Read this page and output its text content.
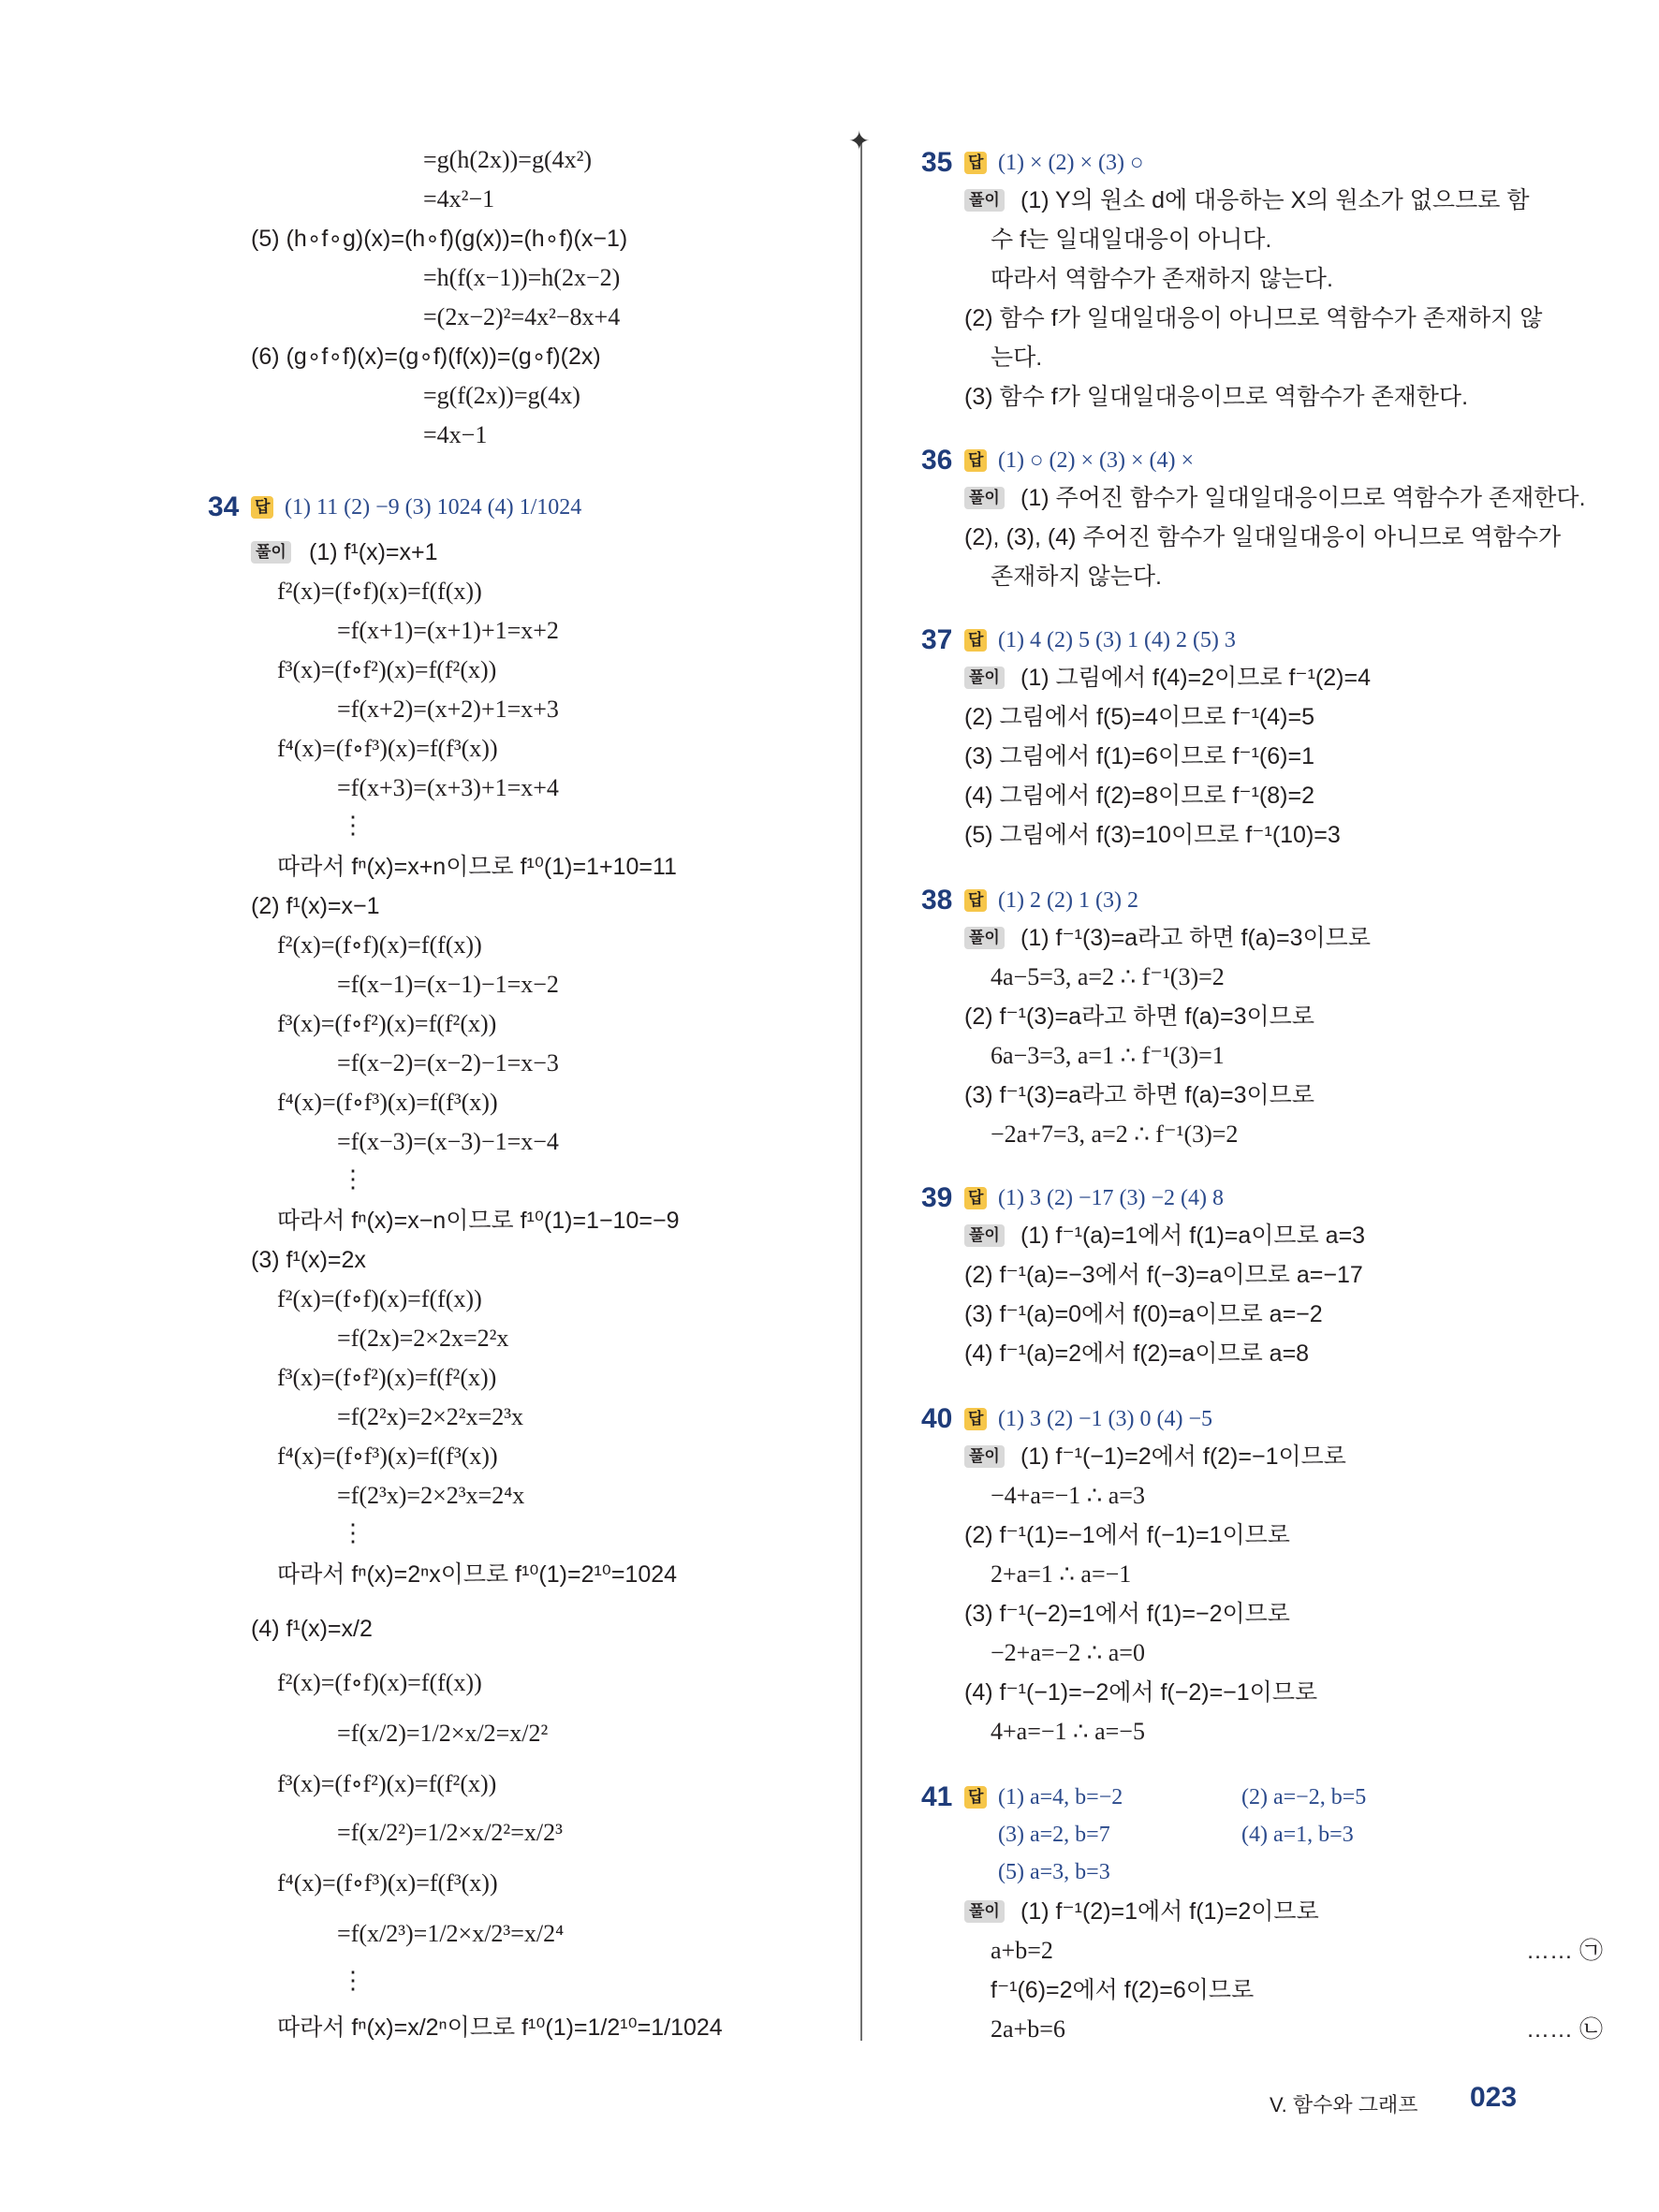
=g(h(2x))=g(4x²)
=4x²−1
(5) (h∘f∘g)(x)=(h∘f)(g(x))=(h∘f)(x−1)
=h(f(x−1))=h(2x−2)
=(2x−2)²=4x²−8x+4
(6) (g∘f∘f)(x)=(g∘f)(f(x))=(g∘f)(2x)
=g(f(2x))=g(4x)
=4x−1
34 답 (1) 11 (2) −9 (3) 1024 (4) 1/1024
풀이 (1) f¹(x)=x+1
f²(x)=(f∘f)(x)=f(f(x))
=f(x+1)=(x+1)+1=x+2
f³(x)=(f∘f²)(x)=f(f²(x))
=f(x+2)=(x+2)+1=x+3
f⁴(x)=(f∘f³)(x)=f(f³(x))
=f(x+3)=(x+3)+1=x+4
⋮
따라서 fⁿ(x)=x+n이므로 f¹⁰(1)=1+10=11
(2) f¹(x)=x−1
f²(x)=(f∘f)(x)=f(f(x))
=f(x−1)=(x−1)−1=x−2
f³(x)=(f∘f²)(x)=f(f²(x))
=f(x−2)=(x−2)−1=x−3
f⁴(x)=(f∘f³)(x)=f(f³(x))
=f(x−3)=(x−3)−1=x−4
⋮
따라서 fⁿ(x)=x−n이므로 f¹⁰(1)=1−10=−9
(3) f¹(x)=2x
f²(x)=(f∘f)(x)=f(f(x))
=f(2x)=2×2x=2²x
f³(x)=(f∘f²)(x)=f(f²(x))
=f(2²x)=2×2²x=2³x
f⁴(x)=(f∘f³)(x)=f(f³(x))
=f(2³x)=2×2³x=2⁴x
⋮
따라서 fⁿ(x)=2ⁿx이므로 f¹⁰(1)=2¹⁰=1024
(4) f¹(x)=x/2
f²(x)=(f∘f)(x)=f(f(x))
=f(x/2)=1/2×x/2=x/2²
f³(x)=(f∘f²)(x)=f(f²(x))
=f(x/2²)=1/2×x/2²=x/2³
f⁴(x)=(f∘f³)(x)=f(f³(x))
=f(x/2³)=1/2×x/2³=x/2⁴
⋮
따라서 fⁿ(x)=x/2ⁿ이므로 f¹⁰(1)=1/2¹⁰=1/1024
✦
35 답 (1) × (2) × (3) ○
풀이 (1) Y의 원소 d에 대응하는 X의 원소가 없으므로 함
수 f는 일대일대응이 아니다.
따라서 역함수가 존재하지 않는다.
(2) 함수 f가 일대일대응이 아니므로 역함수가 존재하지 않
는다.
(3) 함수 f가 일대일대응이므로 역함수가 존재한다.
36 답 (1) ○ (2) × (3) × (4) ×
풀이 (1) 주어진 함수가 일대일대응이므로 역함수가 존재한다.
(2), (3), (4) 주어진 함수가 일대일대응이 아니므로 역함수가
존재하지 않는다.
37 답 (1) 4 (2) 5 (3) 1 (4) 2 (5) 3
풀이 (1) 그림에서 f(4)=2이므로 f⁻¹(2)=4
(2) 그림에서 f(5)=4이므로 f⁻¹(4)=5
(3) 그림에서 f(1)=6이므로 f⁻¹(6)=1
(4) 그림에서 f(2)=8이므로 f⁻¹(8)=2
(5) 그림에서 f(3)=10이므로 f⁻¹(10)=3
38 답 (1) 2 (2) 1 (3) 2
풀이 (1) f⁻¹(3)=a라고 하면 f(a)=3이므로
4a−5=3, a=2 ∴ f⁻¹(3)=2
(2) f⁻¹(3)=a라고 하면 f(a)=3이므로
6a−3=3, a=1 ∴ f⁻¹(3)=1
(3) f⁻¹(3)=a라고 하면 f(a)=3이므로
−2a+7=3, a=2 ∴ f⁻¹(3)=2
39 답 (1) 3 (2) −17 (3) −2 (4) 8
풀이 (1) f⁻¹(a)=1에서 f(1)=a이므로 a=3
(2) f⁻¹(a)=−3에서 f(−3)=a이므로 a=−17
(3) f⁻¹(a)=0에서 f(0)=a이므로 a=−2
(4) f⁻¹(a)=2에서 f(2)=a이므로 a=8
40 답 (1) 3 (2) −1 (3) 0 (4) −5
풀이 (1) f⁻¹(−1)=2에서 f(2)=−1이므로
−4+a=−1 ∴ a=3
(2) f⁻¹(1)=−1에서 f(−1)=1이므로
2+a=1 ∴ a=−1
(3) f⁻¹(−2)=1에서 f(1)=−2이므로
−2+a=−2 ∴ a=0
(4) f⁻¹(−1)=−2에서 f(−2)=−1이므로
4+a=−1 ∴ a=−5
41 답 (1) a=4, b=−2	(2) a=−2, b=5
(3) a=2, b=7	(4) a=1, b=3
(5) a=3, b=3
풀이 (1) f⁻¹(2)=1에서 f(1)=2이므로
a+b=2	…… ㉠
f⁻¹(6)=2에서 f(2)=6이므로
2a+b=6	…… ㉡
V. 함수와 그래프 023
